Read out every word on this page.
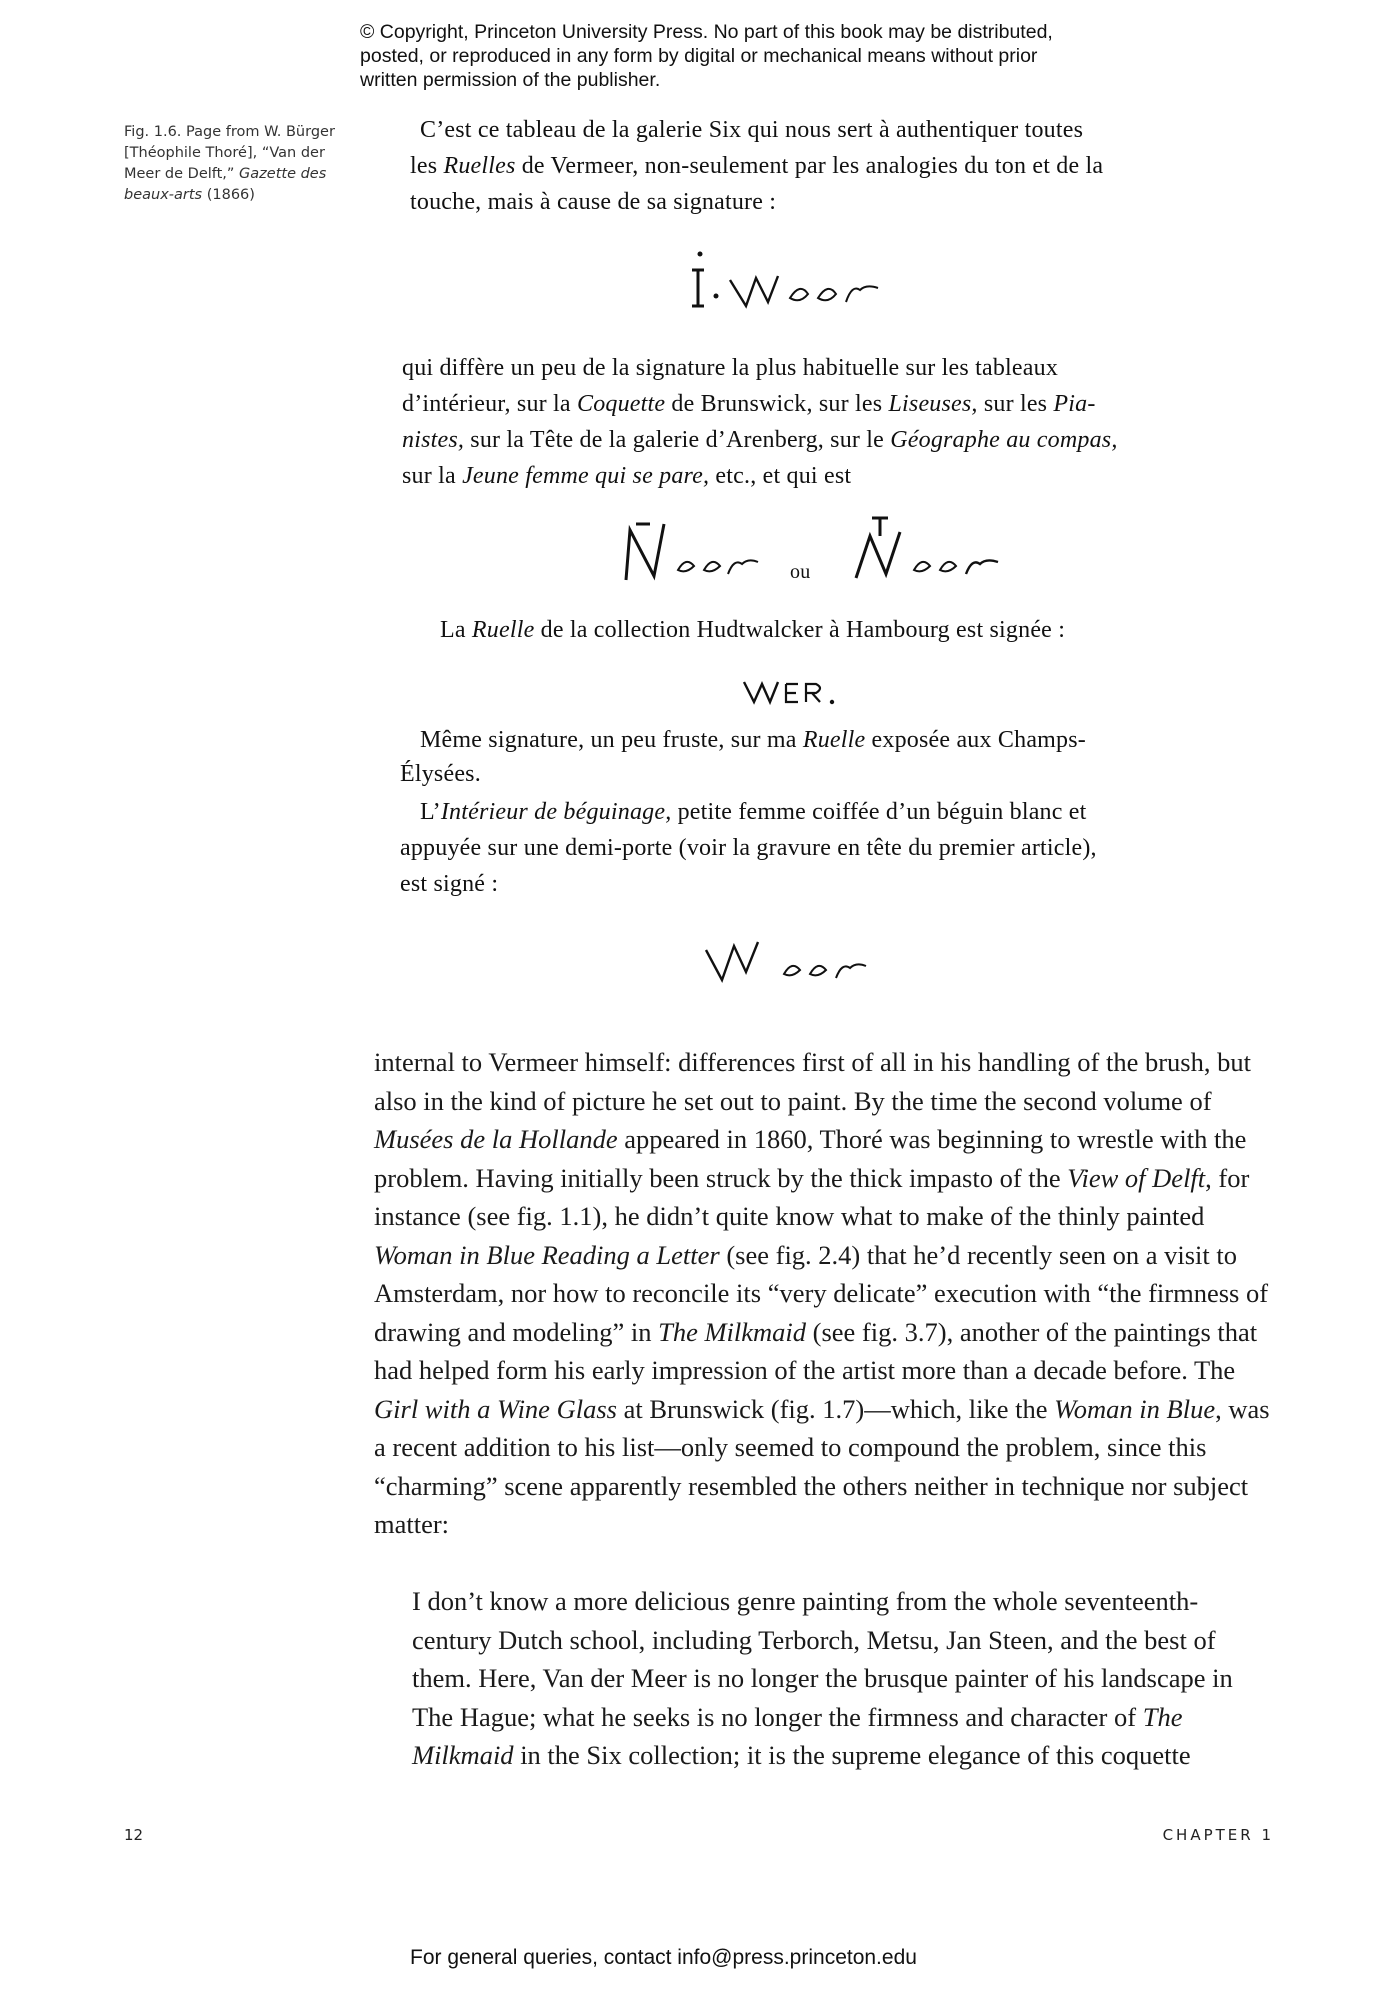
© Copyright, Princeton University Press. No part of this book may be distributed, posted, or reproduced in any form by digital or mechanical means without prior written permission of the publisher.
Fig. 1.6. Page from W. Bürger [Théophile Thoré], “Van der Meer de Delft,” Gazette des beaux-arts (1866)
C’est ce tableau de la galerie Six qui nous sert à authentiquer toutes
les Ruelles de Vermeer, non-seulement par les analogies du ton et de la
touche, mais à cause de sa signature :
qui diffère un peu de la signature la plus habituelle sur les tableaux
d’intérieur, sur la Coquette de Brunswick, sur les Liseuses, sur les Pia-
nistes, sur la Tête de la galerie d’Arenberg, sur le Géographe au compas,
sur la Jeune femme qui se pare, etc., et qui est
ou
La Ruelle de la collection Hudtwalcker à Hambourg est signée :
Même signature, un peu fruste, sur ma Ruelle exposée aux Champs-
Élysées.
L’Intérieur de béguinage, petite femme coiffée d’un béguin blanc et
appuyée sur une demi-porte (voir la gravure en tête du premier article),
est signé :

internal to Vermeer himself: differences first of all in his handling of the brush, but also in the kind of picture he set out to paint. By the time the second volume of Musées de la Hollande appeared in 1860, Thoré was beginning to wrestle with the problem. Having initially been struck by the thick impasto of the View of Delft, for instance (see fig. 1.1), he didn’t quite know what to make of the thinly painted Woman in Blue Reading a Letter (see fig. 2.4) that he’d recently seen on a visit to Amsterdam, nor how to reconcile its “very delicate” execution with “the firmness of drawing and modeling” in The Milkmaid (see fig. 3.7), another of the paintings that had helped form his early impression of the artist more than a decade before. The Girl with a Wine Glass at Brunswick (fig. 1.7)—which, like the Woman in Blue, was a recent addition to his list—only seemed to compound the problem, since this “charming” scene apparently resembled the others neither in technique nor subject matter:

I don’t know a more delicious genre painting from the whole seventeenth-century Dutch school, including Terborch, Metsu, Jan Steen, and the best of them. Here, Van der Meer is no longer the brusque painter of his landscape in The Hague; what he seeks is no longer the firmness and character of The Milkmaid in the Six collection; it is the supreme elegance of this coquette

12	CHAPTER 1
For general queries, contact info@press.princeton.edu
